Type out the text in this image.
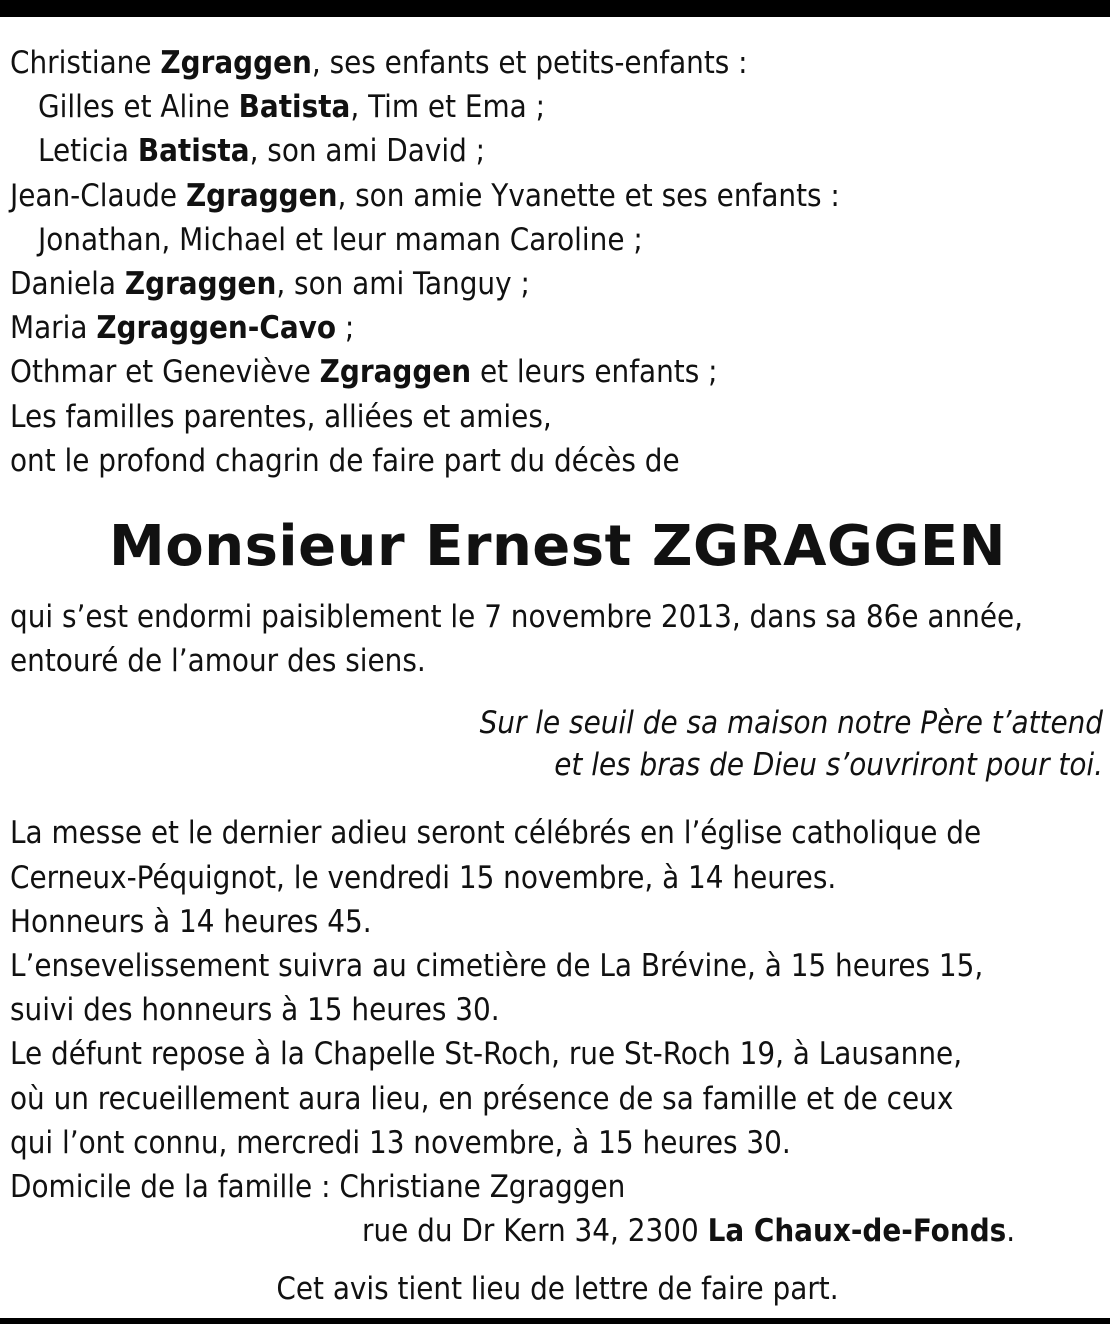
Christiane Zgraggen, ses enfants et petits-enfants :
Gilles et Aline Batista, Tim et Ema ;
Leticia Batista, son ami David ;
Jean-Claude Zgraggen, son amie Yvanette et ses enfants :
Jonathan, Michael et leur maman Caroline ;
Daniela Zgraggen, son ami Tanguy ;
Maria Zgraggen-Cavo ;
Othmar et Geneviève Zgraggen et leurs enfants ;
Les familles parentes, alliées et amies,
ont le profond chagrin de faire part du décès de
Monsieur Ernest ZGRAGGEN
qui s’est endormi paisiblement le 7 novembre 2013, dans sa 86e année,
entouré de l’amour des siens.
Sur le seuil de sa maison notre Père t’attend
et les bras de Dieu s’ouvriront pour toi.
La messe et le dernier adieu seront célébrés en l’église catholique de
Cerneux-Péquignot, le vendredi 15 novembre, à 14 heures.
Honneurs à 14 heures 45.
L’ensevelissement suivra au cimetière de La Brévine, à 15 heures 15,
suivi des honneurs à 15 heures 30.
Le défunt repose à la Chapelle St-Roch, rue St-Roch 19, à Lausanne,
où un recueillement aura lieu, en présence de sa famille et de ceux
qui l’ont connu, mercredi 13 novembre, à 15 heures 30.
Domicile de la famille : Christiane Zgraggen
rue du Dr Kern 34, 2300 La Chaux-de-Fonds.
Cet avis tient lieu de lettre de faire part.
